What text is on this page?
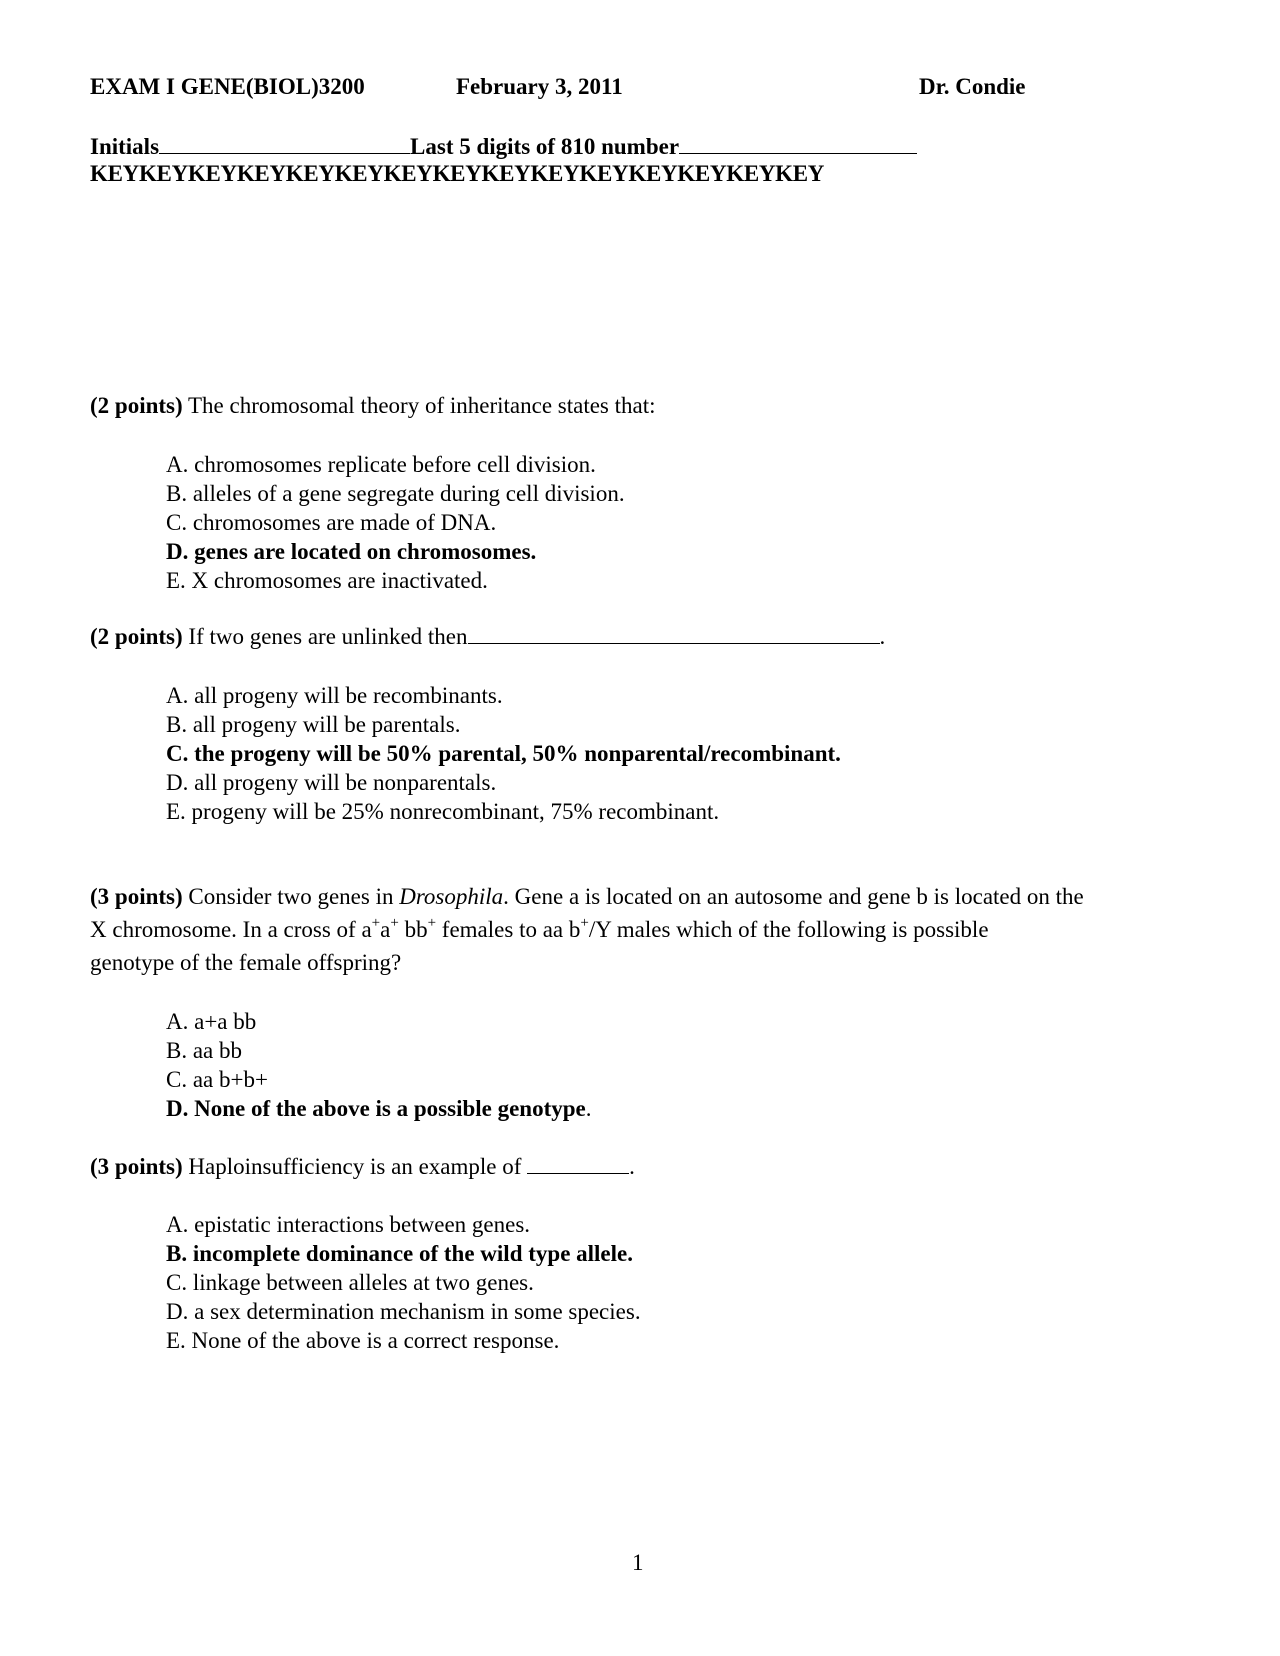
EXAM I GENE(BIOL)3200	February 3, 2011	Dr. Condie
Initials	Last 5 digits of 810 number
KEYKEYKEYKEYKEYKEYKEYKEYKEYKEYKEYKEYKEYKEYKEY
(2 points) The chromosomal theory of inheritance states that:
A. chromosomes replicate before cell division.
B. alleles of a gene segregate during cell division.
C. chromosomes are made of DNA.
D. genes are located on chromosomes.
E. X chromosomes are inactivated.
(2 points) If two genes are unlinked then	.
A. all progeny will be recombinants.
B. all progeny will be parentals.
C. the progeny will be 50% parental, 50% nonparental/recombinant.
D. all progeny will be nonparentals.
E. progeny will be 25% nonrecombinant, 75% recombinant.
(3 points) Consider two genes in Drosophila. Gene a is located on an autosome and gene b is located on the
X chromosome. In a cross of a+a+ bb+ females to aa b+/Y males which of the following is possible
genotype of the female offspring?
A. a+a bb
B. aa bb
C. aa b+b+
D. None of the above is a possible genotype.
(3 points) Haploinsufficiency is an example of	.
A. epistatic interactions between genes.
B. incomplete dominance of the wild type allele.
C. linkage between alleles at two genes.
D. a sex determination mechanism in some species.
E. None of the above is a correct response.
1
